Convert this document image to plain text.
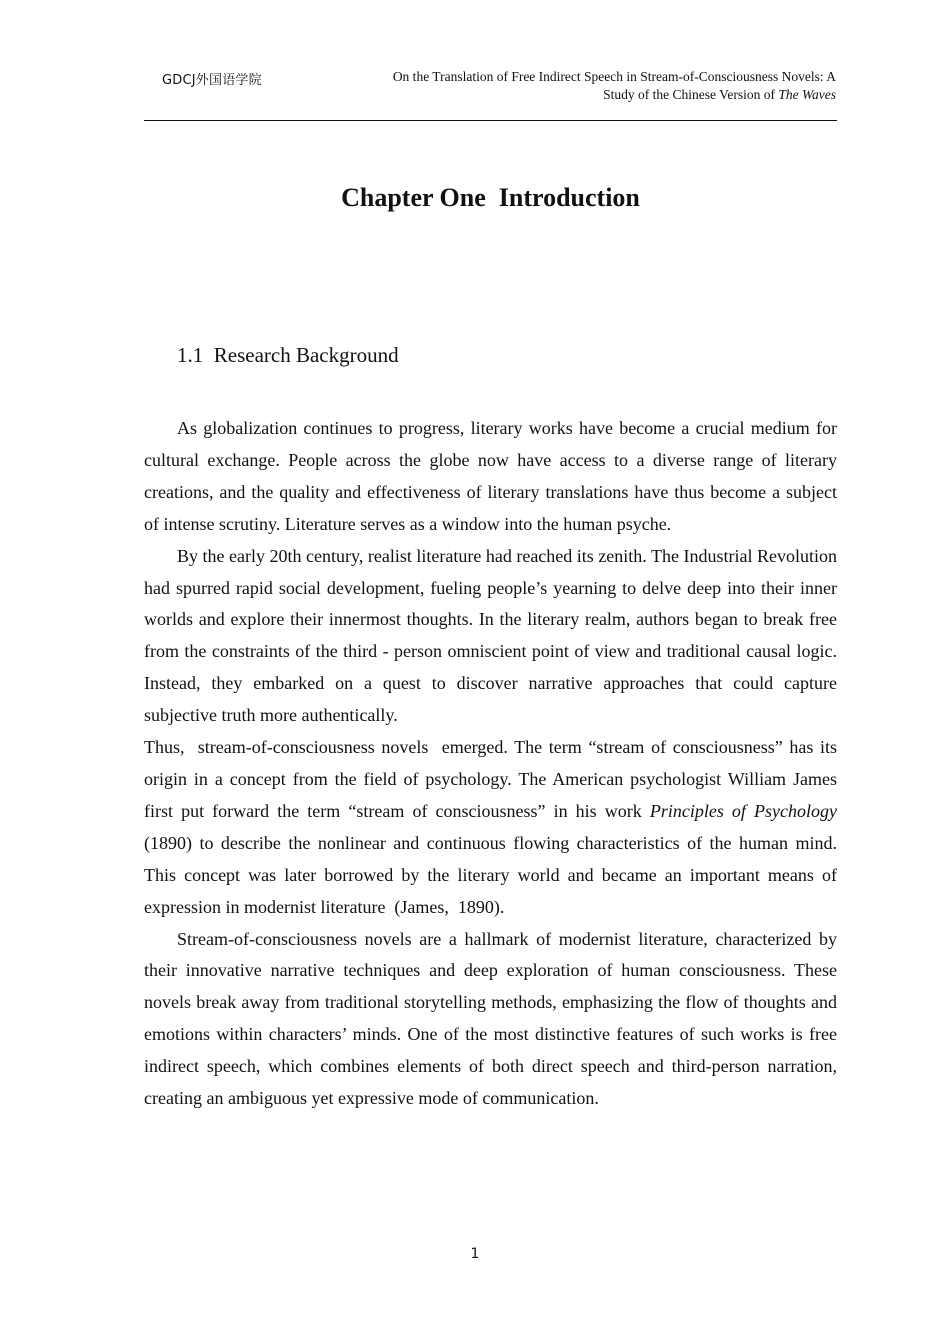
GDCJ外国语学院	On the Translation of Free Indirect Speech in Stream-of-Consciousness Novels: A
Study of the Chinese Version of The Waves
Chapter One  Introduction
1.1  Research Background

As globalization continues to progress, literary works have become a crucial medium for cultural exchange. People across the globe now have access to a diverse range of literary creations, and the quality and effectiveness of literary translations have thus become a subject of intense scrutiny. Literature serves as a window into the human psyche.

By the early 20th century, realist literature had reached its zenith. The Industrial Revolution had spurred rapid social development, fueling people’s yearning to delve deep into their inner worlds and explore their innermost thoughts. In the literary realm, authors began to break free from the constraints of the third - person omniscient point of view and traditional causal logic. Instead, they embarked on a quest to discover narrative approaches that could capture subjective truth more authentically.

Thus,  stream-of-consciousness novels  emerged. The term “stream of consciousness” has its origin in a concept from the field of psychology. The American psychologist William James first put forward the term “stream of consciousness” in his work Principles of Psychology  (1890) to describe the nonlinear and continuous flowing characteristics of the human mind. This concept was later borrowed by the literary world and became an important means of expression in modernist literature  (James,  1890).

Stream-of-consciousness novels are a hallmark of modernist literature, characterized by their innovative narrative techniques and deep exploration of human consciousness. These novels break away from traditional storytelling methods, emphasizing the flow of thoughts and emotions within characters’ minds. One of the most distinctive features of such works is free indirect speech, which combines elements of both direct speech and third-person narration, creating an ambiguous yet expressive mode of communication.

1
